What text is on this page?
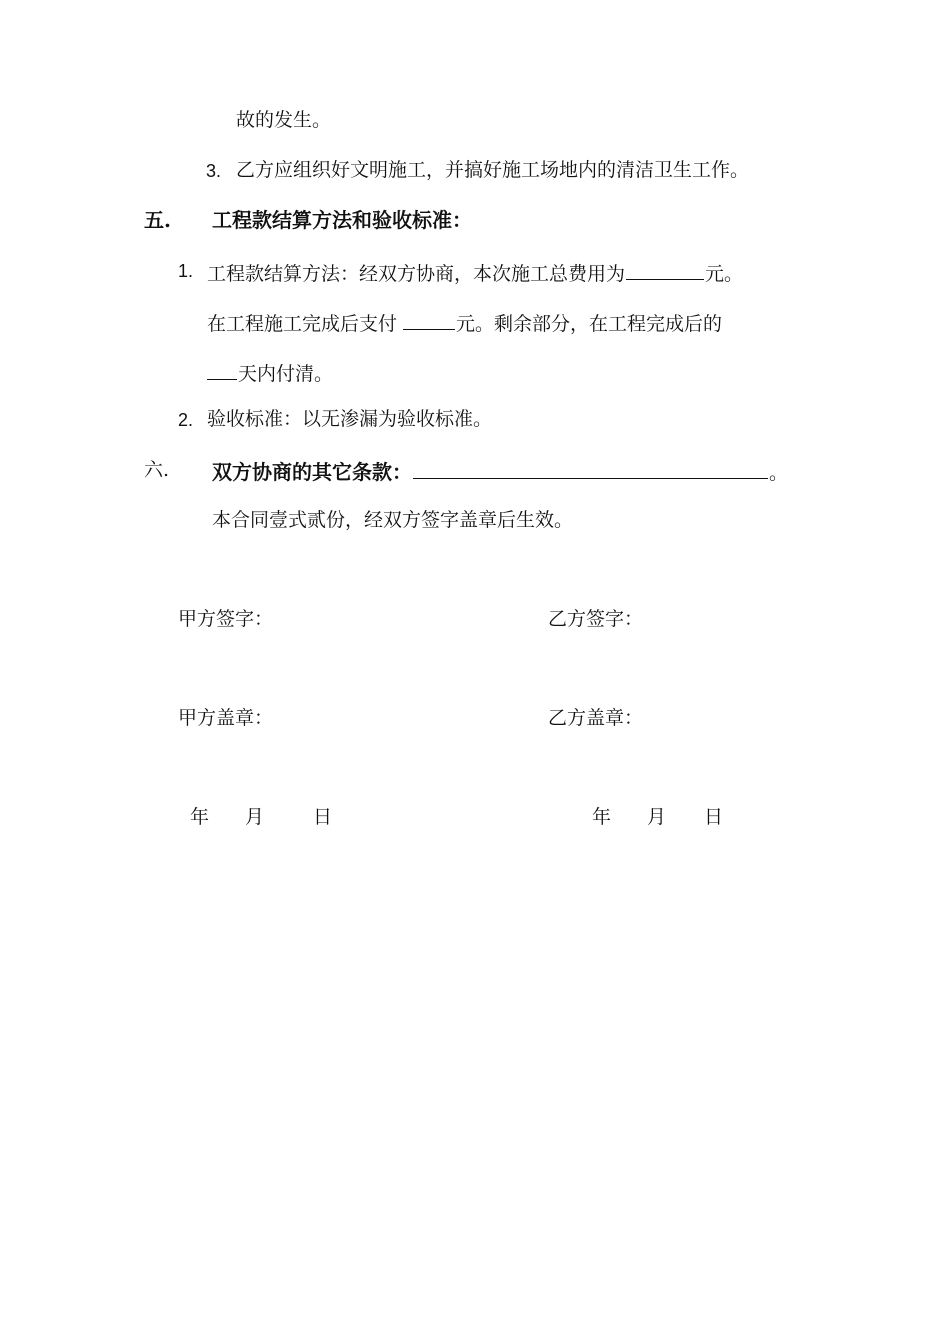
故的发生。
3. 乙方应组织好文明施工，并搞好施工场地内的清洁卫生工作。
五. 工程款结算方法和验收标准：
1. 工程款结算方法：经双方协商，本次施工总费用为	元。
在工程施工完成后支付	元。剩余部分，在工程完成后的
天内付清。
2. 验收标准：以无渗漏为验收标准。
六. 双方协商的其它条款：	。
本合同壹式贰份，经双方签字盖章后生效。
甲方签字：	乙方签字：
甲方盖章：	乙方盖章：
年 月	日	年 月 日
